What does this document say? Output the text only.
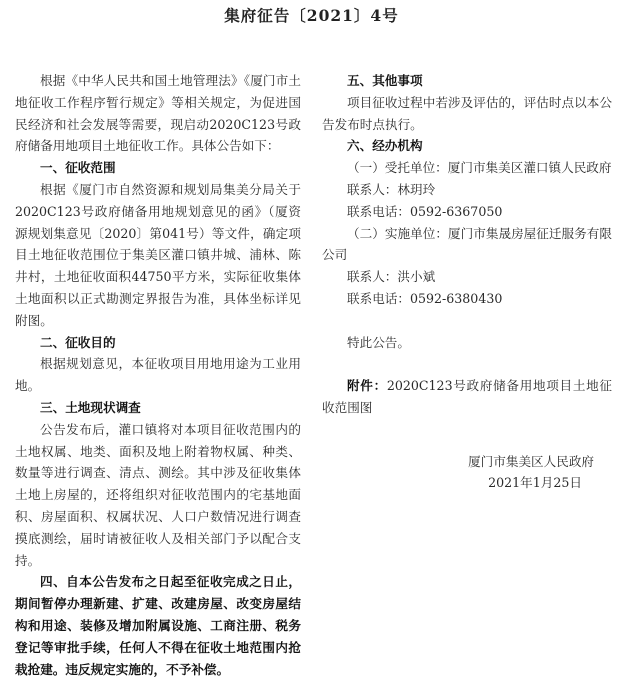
集府征告〔2021〕4号

根据《中华人民共和国土地管理法》《厦门市土地征收工作程序暂行规定》等相关规定，为促进国民经济和社会发展等需要，现启动2020C123号政府储备用地项目土地征收工作。具体公告如下：

一、征收范围

根据《厦门市自然资源和规划局集美分局关于2020C123号政府储备用地规划意见的函》（厦资源规划集意见〔2020〕第041号）等文件，确定项目土地征收范围位于集美区灌口镇井城、浦林、陈井村，土地征收面积44750平方米，实际征收集体土地面积以正式勘测定界报告为准，具体坐标详见附图。

二、征收目的

根据规划意见，本征收项目用地用途为工业用地。

三、土地现状调查

公告发布后，灌口镇将对本项目征收范围内的土地权属、地类、面积及地上附着物权属、种类、数量等进行调查、清点、测绘。其中涉及征收集体土地上房屋的，还将组织对征收范围内的宅基地面积、房屋面积、权属状况、人口户数情况进行调查摸底测绘，届时请被征收人及相关部门予以配合支持。

四、自本公告发布之日起至征收完成之日止，期间暂停办理新建、扩建、改建房屋、改变房屋结构和用途、装修及增加附属设施、工商注册、税务登记等审批手续，任何人不得在征收土地范围内抢栽抢建。违反规定实施的，不予补偿。

五、其他事项

项目征收过程中若涉及评估的，评估时点以本公告发布时点执行。

六、经办机构

（一）受托单位：厦门市集美区灌口镇人民政府

联系人：林玥玲

联系电话：0592-6367050

（二）实施单位：厦门市集晟房屋征迁服务有限公司

联系人：洪小斌

联系电话：0592-6380430

特此公告。

附件：2020C123号政府储备用地项目土地征收范围图

厦门市集美区人民政府

2021年1月25日
